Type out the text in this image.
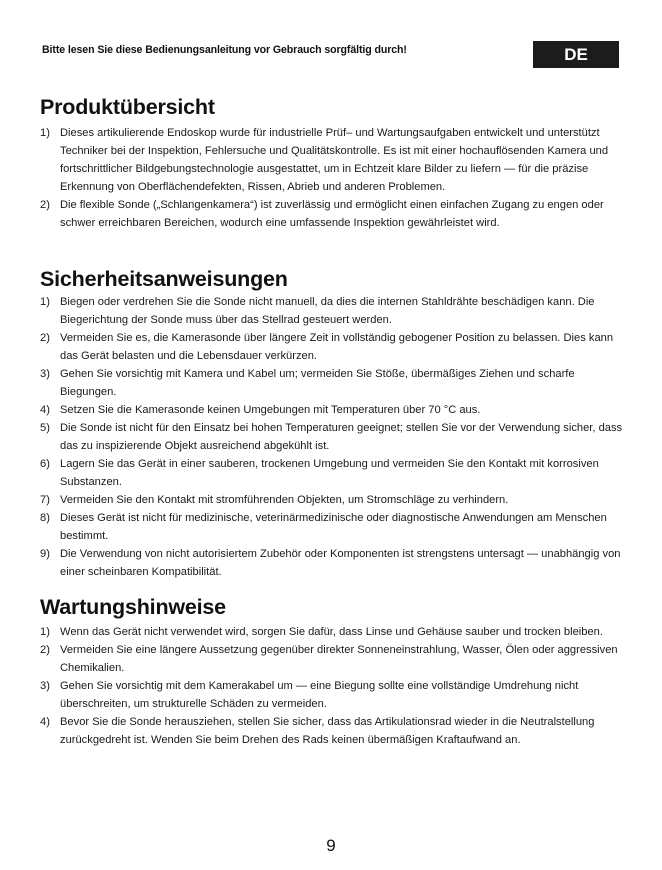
Bitte lesen Sie diese Bedienungsanleitung vor Gebrauch sorgfältig durch!	DE
Produktübersicht
1) Dieses artikulierende Endoskop wurde für industrielle Prüf– und Wartungsaufgaben entwickelt und unterstützt Techniker bei der Inspektion, Fehlersuche und Qualitätskontrolle. Es ist mit einer hochauflösenden Kamera und fortschrittlicher Bildgebungstechnologie ausgestattet, um in Echtzeit klare Bilder zu liefern — für die präzise Erkennung von Oberflächendefekten, Rissen, Abrieb und anderen Problemen.
2) Die flexible Sonde („Schlangenkamera“) ist zuverlässig und ermöglicht einen einfachen Zugang zu engen oder schwer erreichbaren Bereichen, wodurch eine umfassende Inspektion gewährleistet wird.
Sicherheitsanweisungen
1) Biegen oder verdrehen Sie die Sonde nicht manuell, da dies die internen Stahldrähte beschädigen kann. Die Biegerichtung der Sonde muss über das Stellrad gesteuert werden.
2) Vermeiden Sie es, die Kamerasonde über längere Zeit in vollständig gebogener Position zu belassen. Dies kann das Gerät belasten und die Lebensdauer verkürzen.
3) Gehen Sie vorsichtig mit Kamera und Kabel um; vermeiden Sie Stöße, übermäßiges Ziehen und scharfe Biegungen.
4) Setzen Sie die Kamerasonde keinen Umgebungen mit Temperaturen über 70 °C aus.
5) Die Sonde ist nicht für den Einsatz bei hohen Temperaturen geeignet; stellen Sie vor der Verwendung sicher, dass das zu inspizierende Objekt ausreichend abgekühlt ist.
6) Lagern Sie das Gerät in einer sauberen, trockenen Umgebung und vermeiden Sie den Kontakt mit korrosiven Substanzen.
7) Vermeiden Sie den Kontakt mit stromführenden Objekten, um Stromschläge zu verhindern.
8) Dieses Gerät ist nicht für medizinische, veterinärmedizinische oder diagnostische Anwendungen am Menschen bestimmt.
9) Die Verwendung von nicht autorisiertem Zubehör oder Komponenten ist strengstens untersagt — unabhängig von einer scheinbaren Kompatibilität.
Wartungshinweise
1) Wenn das Gerät nicht verwendet wird, sorgen Sie dafür, dass Linse und Gehäuse sauber und trocken bleiben.
2) Vermeiden Sie eine längere Aussetzung gegenüber direkter Sonneneinstrahlung, Wasser, Ölen oder aggressiven Chemikalien.
3) Gehen Sie vorsichtig mit dem Kamerakabel um — eine Biegung sollte eine vollständige Umdrehung nicht überschreiten, um strukturelle Schäden zu vermeiden.
4) Bevor Sie die Sonde herausziehen, stellen Sie sicher, dass das Artikulationsrad wieder in die Neutralstellung zurückgedreht ist. Wenden Sie beim Drehen des Rads keinen übermäßigen Kraftaufwand an.
9
